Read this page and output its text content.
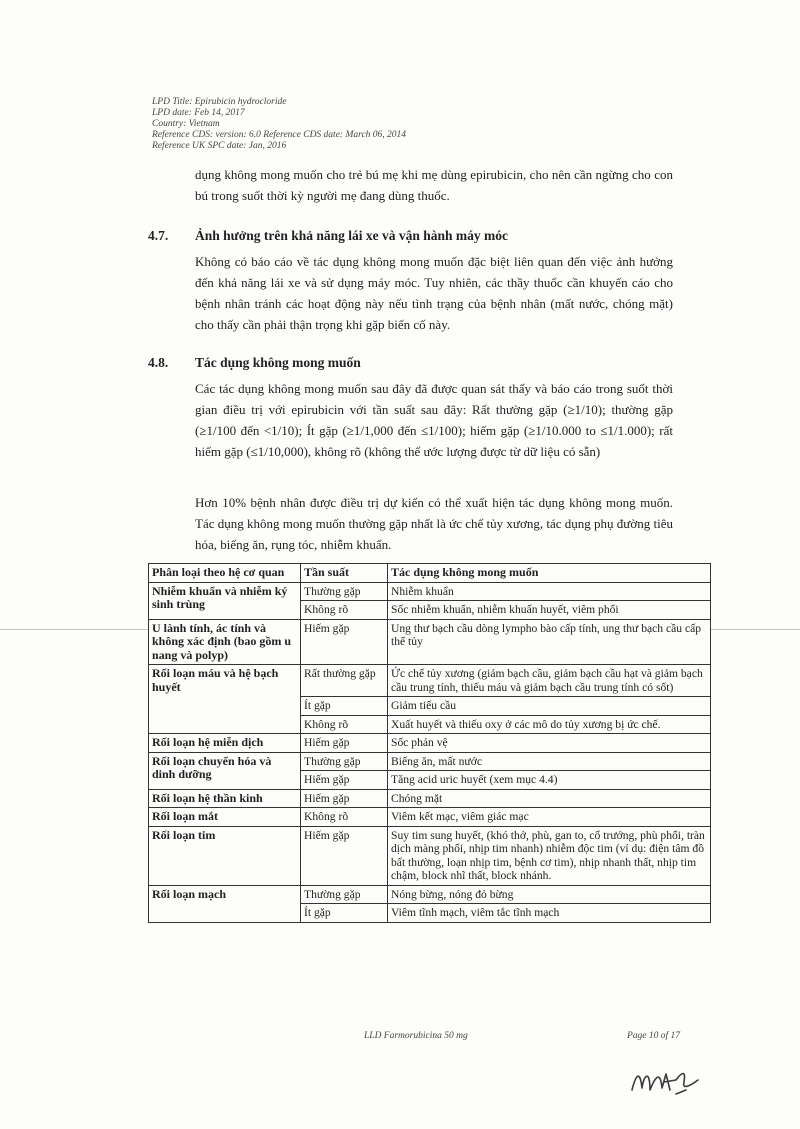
LPD Title: Epirubicin hydrocloride
LPD date: Feb 14, 2017
Country: Vietnam
Reference CDS: version: 6.0 Reference CDS date: March 06, 2014
Reference UK SPC date: Jan, 2016
dụng không mong muốn cho trẻ bú mẹ khi mẹ dùng epirubicin, cho nên cần ngừng cho con bú trong suốt thời kỳ người mẹ đang dùng thuốc.
4.7. Ảnh hưởng trên khả năng lái xe và vận hành máy móc
Không có báo cáo về tác dụng không mong muốn đặc biệt liên quan đến việc ảnh hưởng đến khả năng lái xe và sử dụng máy móc. Tuy nhiên, các thầy thuốc cần khuyến cáo cho bệnh nhân tránh các hoạt động này nếu tình trạng của bệnh nhân (mất nước, chóng mặt) cho thấy cần phải thận trọng khi gặp biến cố này.
4.8. Tác dụng không mong muốn
Các tác dụng không mong muốn sau đây đã được quan sát thấy và báo cáo trong suốt thời gian điều trị với epirubicin với tần suất sau đây: Rất thường gặp (≥1/10); thường gặp (≥1/100 đến <1/10); Ít gặp (≥1/1,000 đến ≤1/100); hiếm gặp (≥1/10.000 to ≤1/1.000); rất hiếm gặp (≤1/10,000), không rõ (không thể ước lượng được từ dữ liệu có sẵn)
Hơn 10% bệnh nhân được điều trị dự kiến có thể xuất hiện tác dụng không mong muốn. Tác dụng không mong muốn thường gặp nhất là ức chế tủy xương, tác dụng phụ đường tiêu hóa, biếng ăn, rụng tóc, nhiễm khuẩn.
Phân loại theo hệ cơ quan	Tần suất	Tác dụng không mong muốn
Nhiễm khuẩn và nhiễm ký sinh trùng	Thường gặp	Nhiễm khuẩn
	Không rõ	Sốc nhiễm khuẩn, nhiễm khuẩn huyết, viêm phổi
U lành tính, ác tính và không xác định (bao gồm u nang và polyp)	Hiếm gặp	Ung thư bạch cầu dòng lympho bào cấp tính, ung thư bạch cầu cấp thể tủy
Rối loạn máu và hệ bạch huyết	Rất thường gặp	Ức chế tủy xương (giảm bạch cầu, giảm bạch cầu hạt và giảm bạch cầu trung tính, thiếu máu và giảm bạch cầu trung tính có sốt)
	Ít gặp	Giảm tiểu cầu
	Không rõ	Xuất huyết và thiếu oxy ở các mô do tủy xương bị ức chế.
Rối loạn hệ miễn dịch	Hiếm gặp	Sốc phản vệ
Rối loạn chuyển hóa và dinh dưỡng	Thường gặp	Biếng ăn, mất nước
	Hiếm gặp	Tăng acid uric huyết (xem mục 4.4)
Rối loạn hệ thần kinh	Hiếm gặp	Chóng mặt
Rối loạn mắt	Không rõ	Viêm kết mạc, viêm giác mạc
Rối loạn tim	Hiếm gặp	Suy tim sung huyết, (khó thở, phù, gan to, cổ trướng, phù phổi, tràn dịch màng phổi, nhịp tim nhanh) nhiễm độc tim (ví dụ: điện tâm đồ bất thường, loạn nhịp tim, bệnh cơ tim), nhịp nhanh thất, nhịp tim chậm, block nhĩ thất, block nhánh.
Rối loạn mạch	Thường gặp	Nóng bừng, nóng đỏ bừng
	Ít gặp	Viêm tĩnh mạch, viêm tắc tĩnh mạch
LLD Farmorubicina 50 mg	Page 10 of 17
